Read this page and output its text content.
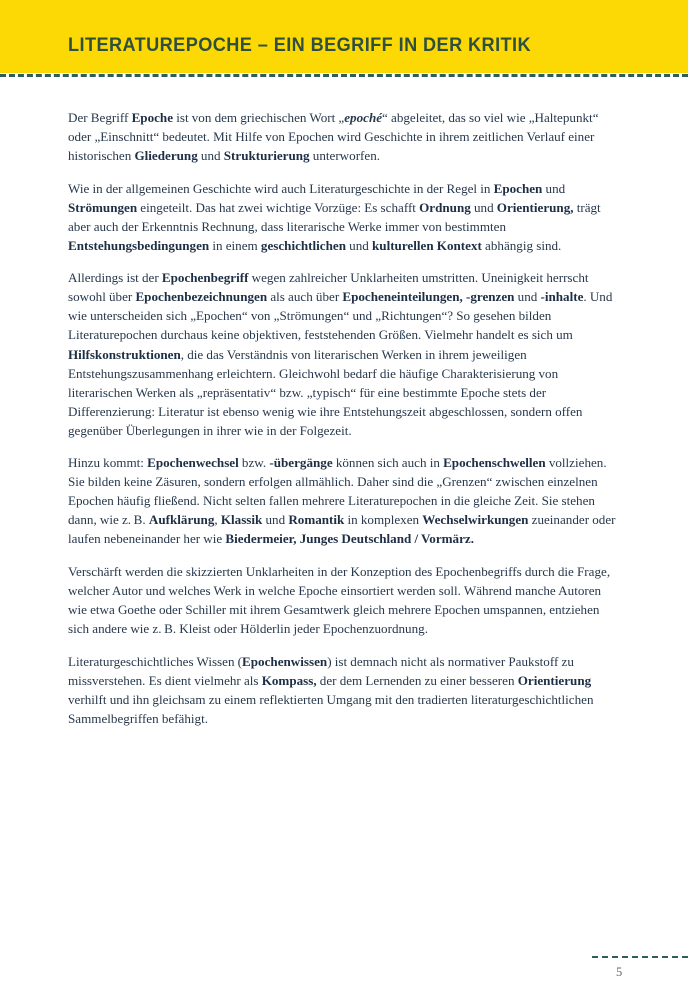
LITERATUREPOCHE – EIN BEGRIFF IN DER KRITIK

Der Begriff Epoche ist von dem griechischen Wort „epoché“ abgeleitet, das so viel wie „Haltepunkt“ oder „Einschnitt“ bedeutet. Mit Hilfe von Epochen wird Geschichte in ihrem zeitlichen Verlauf einer historischen Gliederung und Strukturierung unterworfen.

Wie in der allgemeinen Geschichte wird auch Literaturgeschichte in der Regel in Epochen und Strömungen eingeteilt. Das hat zwei wichtige Vorzüge: Es schafft Ordnung und Orientierung, trägt aber auch der Erkenntnis Rechnung, dass literarische Werke immer von bestimmten Entstehungsbedingungen in einem geschichtlichen und kulturellen Kontext abhängig sind.

Allerdings ist der Epochenbegriff wegen zahlreicher Unklarheiten umstritten. Uneinigkeit herrscht sowohl über Epochenbezeichnungen als auch über Epocheneinteilungen, -grenzen und -inhalte. Und wie unterscheiden sich „Epochen“ von „Strömungen“ und „Richtungen“? So gesehen bilden Literaturepochen durchaus keine objektiven, feststehenden Größen. Vielmehr handelt es sich um Hilfskonstruktionen, die das Verständnis von literarischen Werken in ihrem jeweiligen Entstehungszusammenhang erleichtern. Gleichwohl bedarf die häufige Charakterisierung von literarischen Werken als „repräsentativ“ bzw. „typisch“ für eine bestimmte Epoche stets der Differenzierung: Literatur ist ebenso wenig wie ihre Entstehungszeit abgeschlossen, sondern offen gegenüber Überlegungen in ihrer wie in der Folgezeit.

Hinzu kommt: Epochenwechsel bzw. -übergänge können sich auch in Epochenschwellen vollziehen. Sie bilden keine Zäsuren, sondern erfolgen allmählich. Daher sind die „Grenzen“ zwischen einzelnen Epochen häufig fließend. Nicht selten fallen mehrere Literaturepochen in die gleiche Zeit. Sie stehen dann, wie z. B. Aufklärung, Klassik und Romantik in komplexen Wechselwirkungen zueinander oder laufen nebeneinander her wie Biedermeier, Junges Deutschland / Vormärz.

Verschärft werden die skizzierten Unklarheiten in der Konzeption des Epochenbegriffs durch die Frage, welcher Autor und welches Werk in welche Epoche einsortiert werden soll. Während manche Autoren wie etwa Goethe oder Schiller mit ihrem Gesamtwerk gleich mehrere Epochen umspannen, entziehen sich andere wie z. B. Kleist oder Hölderlin jeder Epochenzuordnung.

Literaturgeschichtliches Wissen (Epochenwissen) ist demnach nicht als normativer Paukstoff zu missverstehen. Es dient vielmehr als Kompass, der dem Lernenden zu einer besseren Orientierung verhilft und ihn gleichsam zu einem reflektierten Umgang mit den tradierten literaturgeschichtlichen Sammelbegriffen befähigt.

5
